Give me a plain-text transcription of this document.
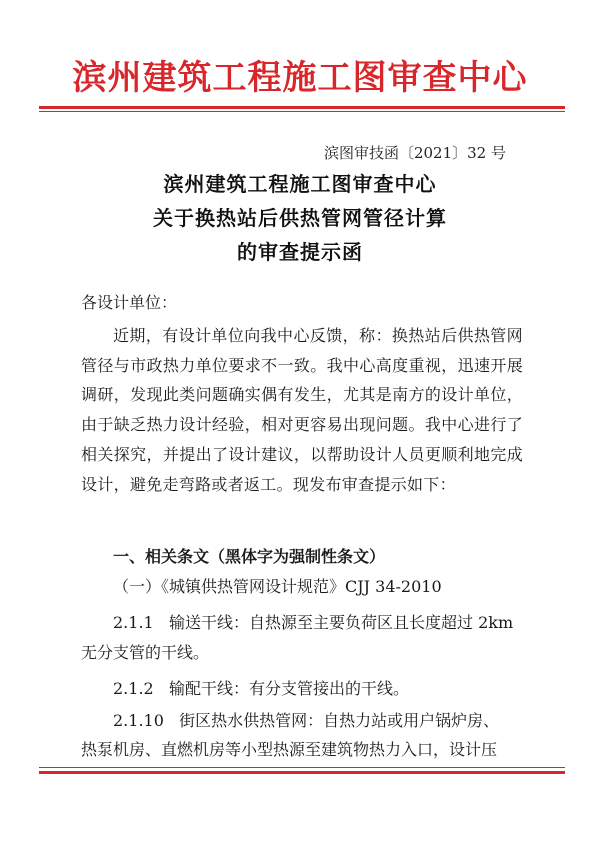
滨州建筑工程施工图审查中心
滨图审技函〔2021〕32 号
滨州建筑工程施工图审查中心
关于换热站后供热管网管径计算
的审查提示函
各设计单位：

近期，有设计单位向我中心反馈，称：换热站后供热管网管径与市政热力单位要求不一致。我中心高度重视，迅速开展调研，发现此类问题确实偶有发生，尤其是南方的设计单位，由于缺乏热力设计经验，相对更容易出现问题。我中心进行了相关探究，并提出了设计建议，以帮助设计人员更顺利地完成设计，避免走弯路或者返工。现发布审查提示如下：

一、相关条文（黑体字为强制性条文）
（一）《城镇供热管网设计规范》CJJ 34-2010
2.1.1 输送干线：自热源至主要负荷区且长度超过 2km
无分支管的干线。
2.1.2 输配干线：有分支管接出的干线。
2.1.10 街区热水供热管网：自热力站或用户锅炉房、
热泵机房、直燃机房等小型热源至建筑物热力入口，设计压
